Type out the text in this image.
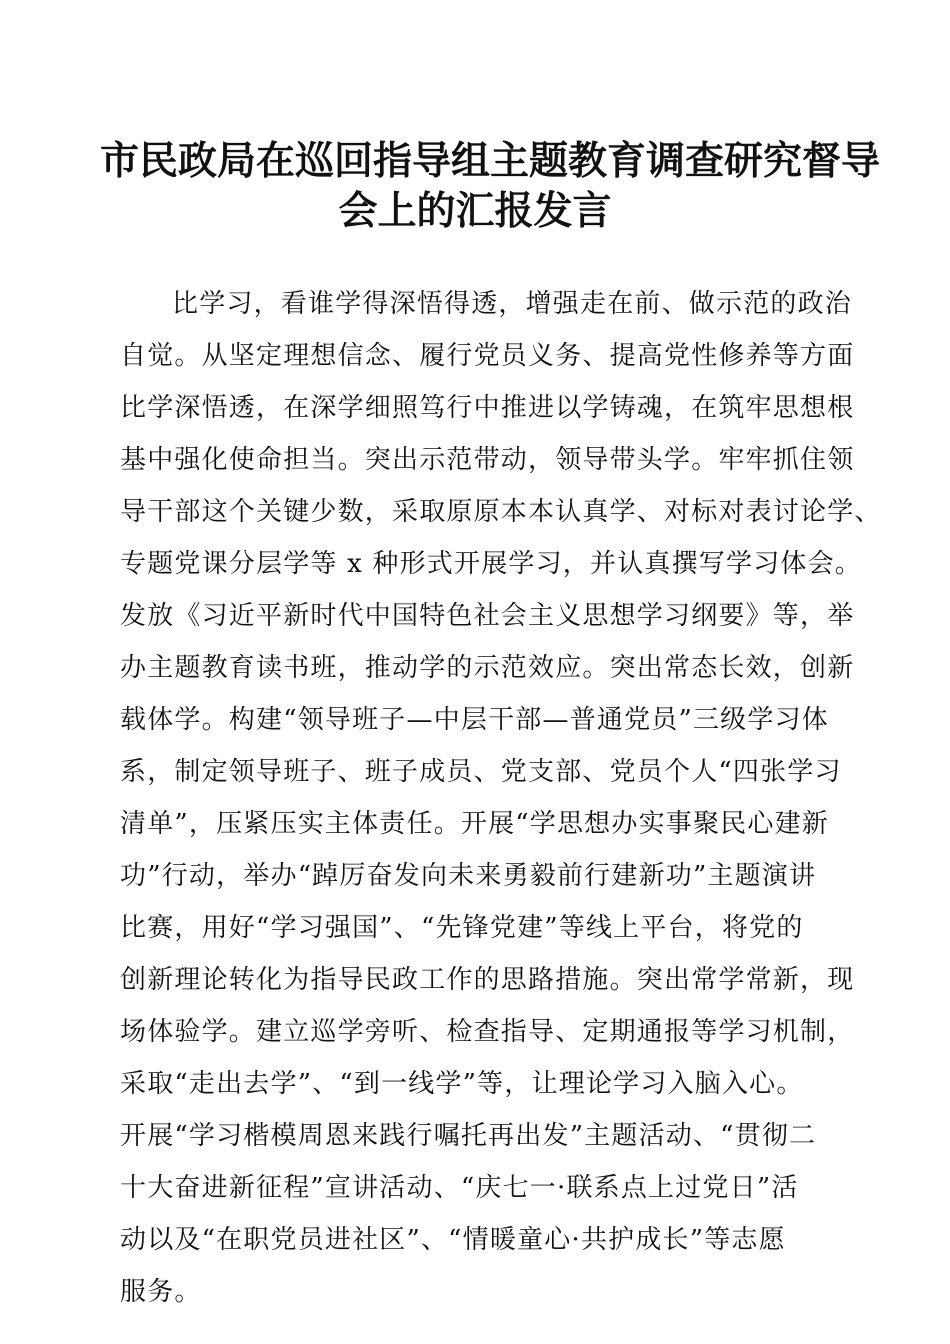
市民政局在巡回指导组主题教育调查研究督导
会上的汇报发言
比学习，看谁学得深悟得透，增强走在前、做示范的政治
自觉。从坚定理想信念、履行党员义务、提高党性修养等方面
比学深悟透，在深学细照笃行中推进以学铸魂，在筑牢思想根
基中强化使命担当。突出示范带动，领导带头学。牢牢抓住领
导干部这个关键少数，采取原原本本认真学、对标对表讨论学、
专题党课分层学等 x 种形式开展学习，并认真撰写学习体会。
发放《习近平新时代中国特色社会主义思想学习纲要》等，举
办主题教育读书班，推动学的示范效应。突出常态长效，创新
载体学。构建“领导班子—中层干部—普通党员”三级学习体
系，制定领导班子、班子成员、党支部、党员个人“四张学习
清单”，压紧压实主体责任。开展“学思想办实事聚民心建新
功”行动，举办“踔厉奋发向未来勇毅前行建新功”主题演讲
比赛，用好“学习强国”、“先锋党建”等线上平台，将党的
创新理论转化为指导民政工作的思路措施。突出常学常新，现
场体验学。建立巡学旁听、检查指导、定期通报等学习机制，
采取“走出去学”、“到一线学”等，让理论学习入脑入心。
开展“学习楷模周恩来践行嘱托再出发”主题活动、“贯彻二
十大奋进新征程”宣讲活动、“庆七一·联系点上过党日”活
动以及“在职党员进社区”、“情暖童心·共护成长”等志愿
服务。
